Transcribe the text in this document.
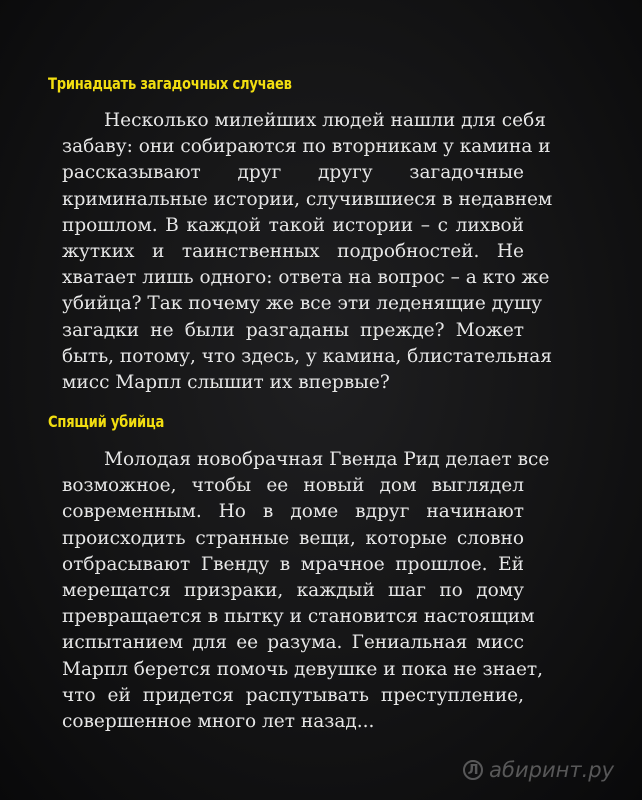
Тринадцать загадочных случаев
Несколько милейших людей нашли для себя
забаву: они собираются по вторникам у камина и
рассказывают друг другу загадочные
криминальные истории, случившиеся в недавнем
прошлом. В каждой такой истории – с лихвой
жутких и таинственных подробностей. Не
хватает лишь одного: ответа на вопрос – а кто же
убийца? Так почему же все эти леденящие душу
загадки не были разгаданы прежде? Может
быть, потому, что здесь, у камина, блистательная
мисс Марпл слышит их впервые?
Спящий убийца
Молодая новобрачная Гвенда Рид делает все
возможное, чтобы ее новый дом выглядел
современным. Но в доме вдруг начинают
происходить странные вещи, которые словно
отбрасывают Гвенду в мрачное прошлое. Ей
мерещатся призраки, каждый шаг по дому
превращается в пытку и становится настоящим
испытанием для ее разума. Гениальная мисс
Марпл берется помочь девушке и пока не знает,
что ей придется распутывать преступление,
совершенное много лет назад...
Л абиринт.ру
